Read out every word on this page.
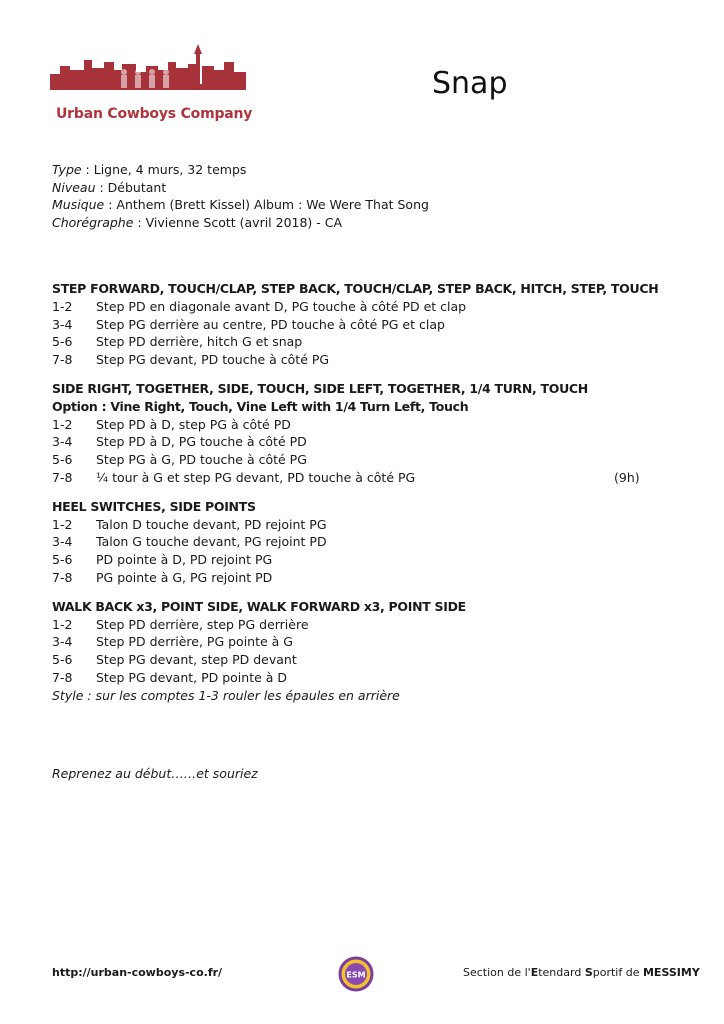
Urban Cowboys Company
Snap
Type : Ligne, 4 murs, 32 temps
Niveau : Débutant
Musique : Anthem (Brett Kissel) Album : We Were That Song
Chorégraphe : Vivienne Scott (avril 2018) - CA
STEP FORWARD, TOUCH/CLAP, STEP BACK, TOUCH/CLAP, STEP BACK, HITCH, STEP, TOUCH
1-2 Step PD en diagonale avant D, PG touche à côté PD et clap
3-4 Step PG derrière au centre, PD touche à côté PG et clap
5-6 Step PD derrière, hitch G et snap
7-8 Step PG devant, PD touche à côté PG
SIDE RIGHT, TOGETHER, SIDE, TOUCH, SIDE LEFT, TOGETHER, 1/4 TURN, TOUCH
Option : Vine Right, Touch, Vine Left with 1/4 Turn Left, Touch
1-2 Step PD à D, step PG à côté PD
3-4 Step PD à D, PG touche à côté PD
5-6 Step PG à G, PD touche à côté PG
7-8 ¼ tour à G et step PG devant, PD touche à côté PG	(9h)
HEEL SWITCHES, SIDE POINTS
1-2 Talon D touche devant, PD rejoint PG
3-4 Talon G touche devant, PG rejoint PD
5-6 PD pointe à D, PD rejoint PG
7-8 PG pointe à G, PG rejoint PD
WALK BACK x3, POINT SIDE, WALK FORWARD x3, POINT SIDE
1-2 Step PD derrière, step PG derrière
3-4 Step PD derrière, PG pointe à G
5-6 Step PG devant, step PD devant
7-8 Step PG devant, PD pointe à D
Style : sur les comptes 1-3 rouler les épaules en arrière
Reprenez au début……et souriez
http://urban-cowboys-co.fr/	ESM	Section de l'Etendard Sportif de MESSIMY
